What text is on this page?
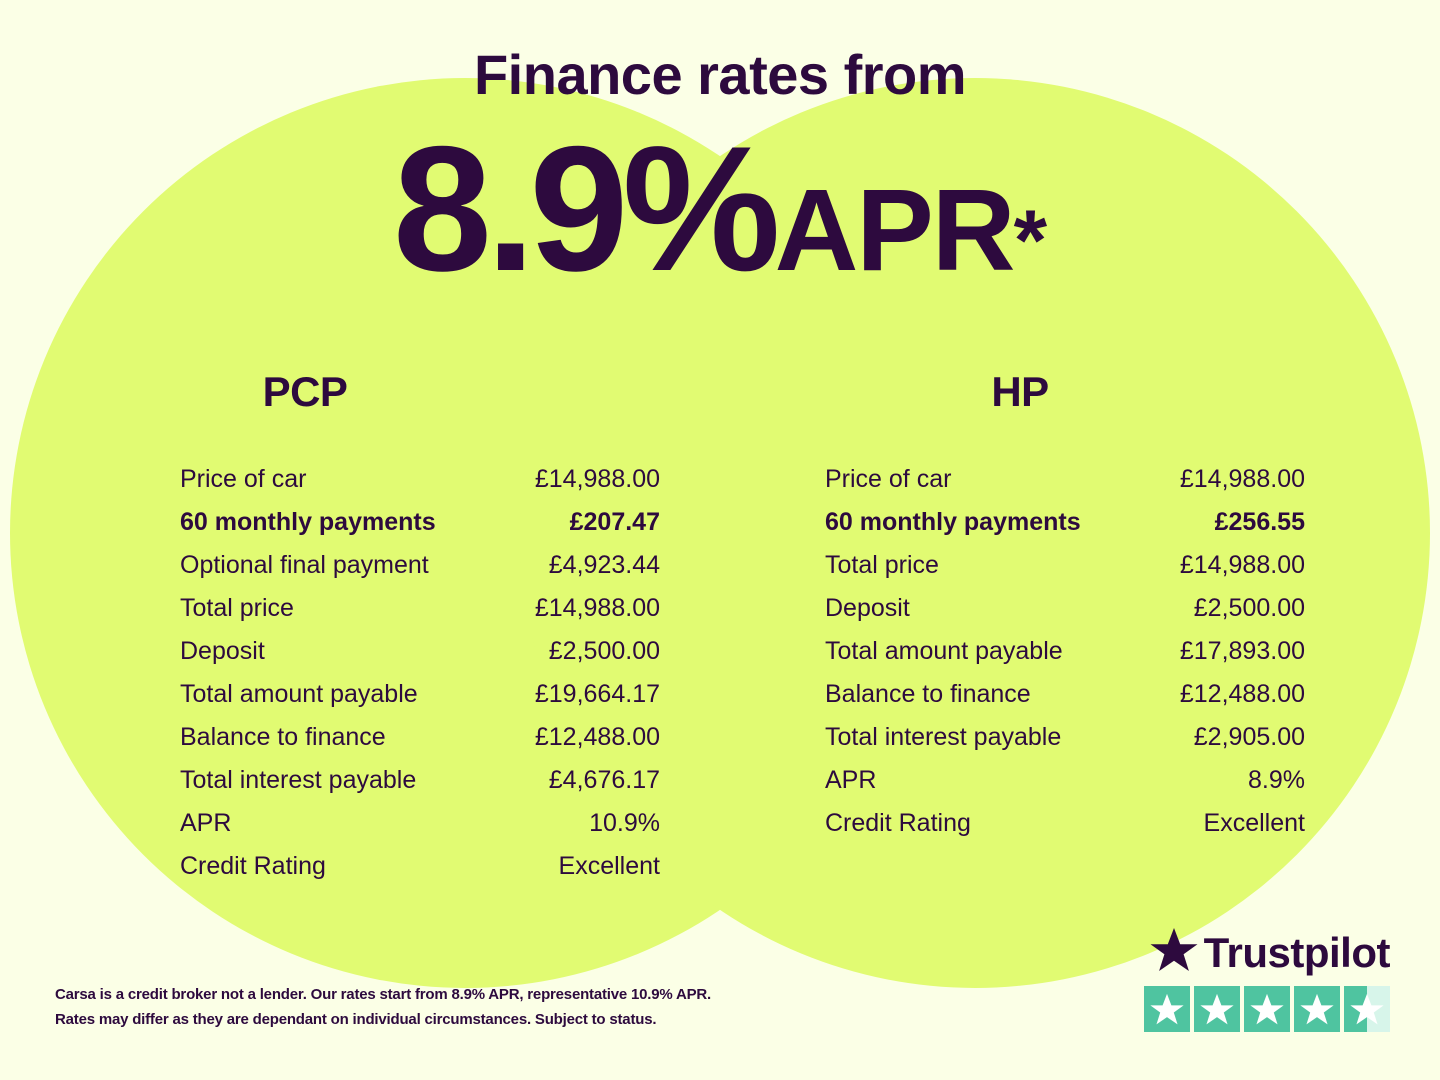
Finance rates from
8.9%APR*
PCP
Price of car	£14,988.00
60 monthly payments	£207.47
Optional final payment	£4,923.44
Total price	£14,988.00
Deposit	£2,500.00
Total amount payable	£19,664.17
Balance to finance	£12,488.00
Total interest payable	£4,676.17
APR	10.9%
Credit Rating	Excellent
HP
Price of car	£14,988.00
60 monthly payments	£256.55
Total price	£14,988.00
Deposit	£2,500.00
Total amount payable	£17,893.00
Balance to finance	£12,488.00
Total interest payable	£2,905.00
APR	8.9%
Credit Rating	Excellent
Carsa is a credit broker not a lender. Our rates start from 8.9% APR, representative 10.9% APR.
Rates may differ as they are dependant on individual circumstances. Subject to status.
Trustpilot
